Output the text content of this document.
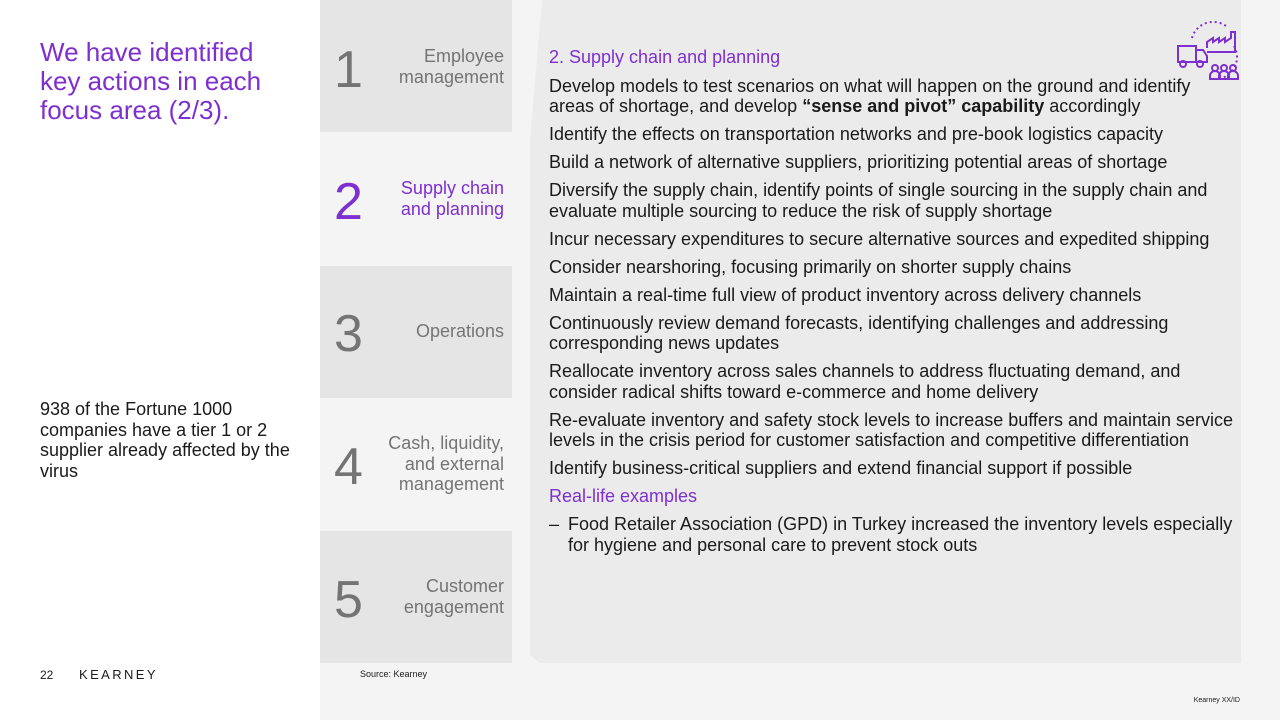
We have identified key actions in each focus area (2/3).
938 of the Fortune 1000 companies have a tier 1 or 2 supplier already affected by the virus
22 KEARNEY
1	Employee management
2	Supply chain and planning
3	Operations
4	Cash, liquidity, and external management
5	Customer engagement
2. Supply chain and planning
Develop models to test scenarios on what will happen on the ground and identify areas of shortage, and develop “sense and pivot” capability accordingly
Identify the effects on transportation networks and pre-book logistics capacity
Build a network of alternative suppliers, prioritizing potential areas of shortage
Diversify the supply chain, identify points of single sourcing in the supply chain and evaluate multiple sourcing to reduce the risk of supply shortage
Incur necessary expenditures to secure alternative sources and expedited shipping
Consider nearshoring, focusing primarily on shorter supply chains
Maintain a real-time full view of product inventory across delivery channels
Continuously review demand forecasts, identifying challenges and addressing corresponding news updates
Reallocate inventory across sales channels to address fluctuating demand, and consider radical shifts toward e-commerce and home delivery
Re-evaluate inventory and safety stock levels to increase buffers and maintain service levels in the crisis period for customer satisfaction and competitive differentiation
Identify business-critical suppliers and extend financial support if possible
Real-life examples
– Food Retailer Association (GPD) in Turkey increased the inventory levels especially for hygiene and personal care to prevent stock outs
Source: Kearney
Kearney XX/ID
